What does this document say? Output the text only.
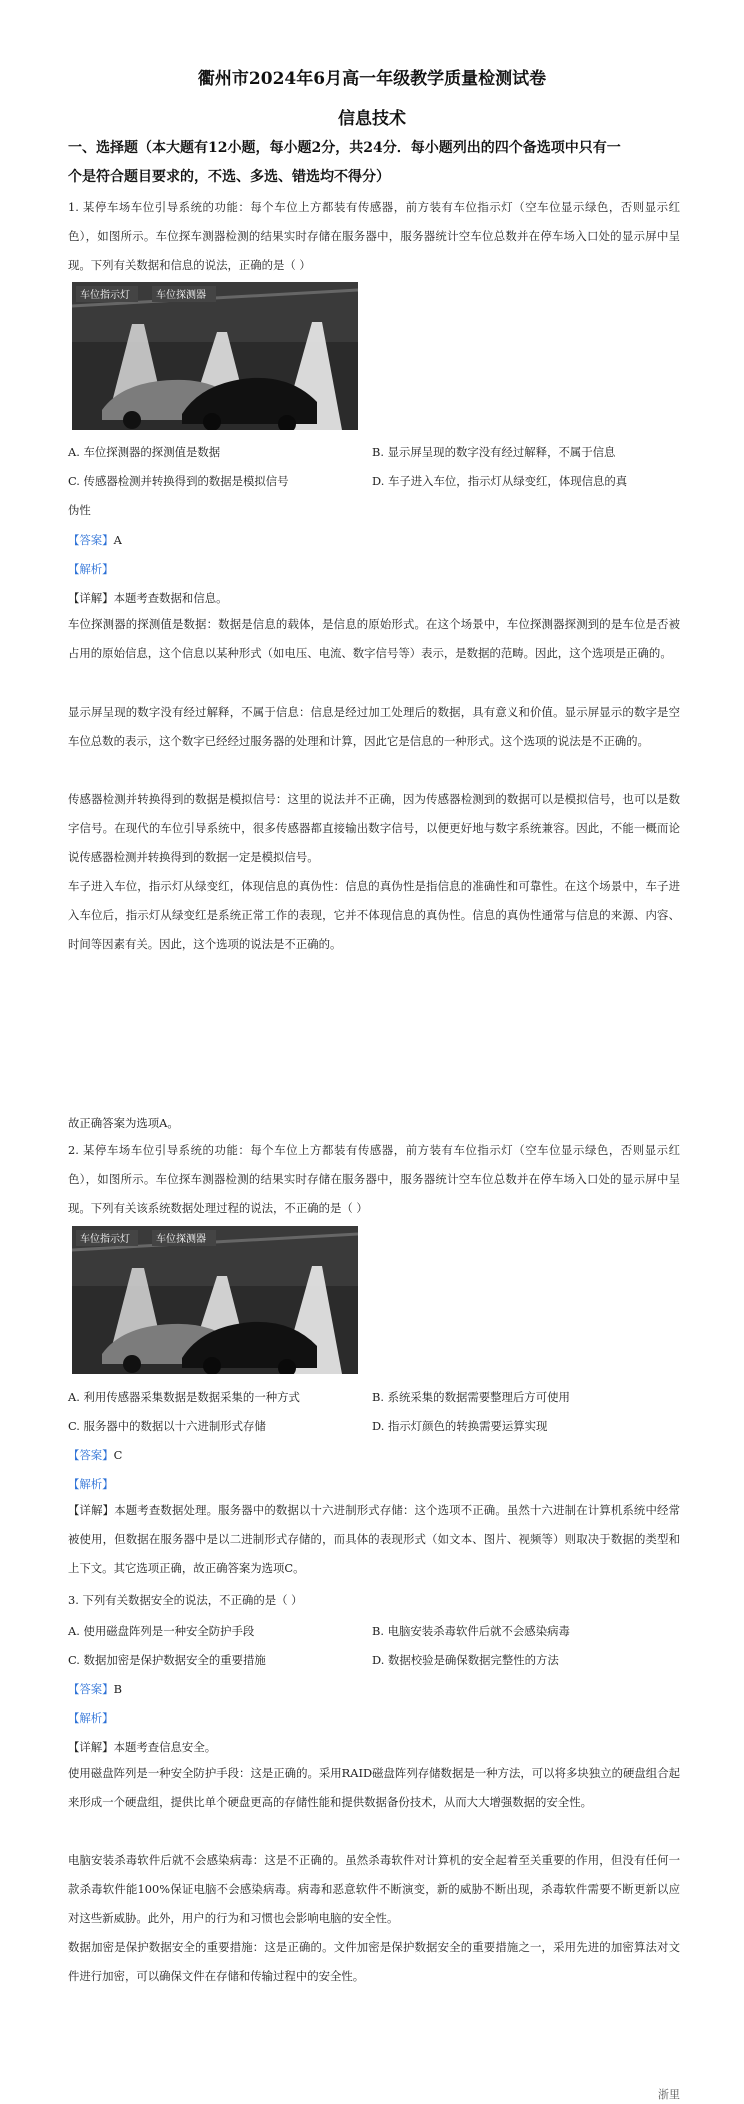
衢州市2024年6月高一年级教学质量检测试卷
信息技术
一、选择题（本大题有12小题，每小题2分，共24分．每小题列出的四个备选项中只有一
个是符合题目要求的，不选、多选、错选均不得分）
1. 某停车场车位引导系统的功能：每个车位上方都装有传感器，前方装有车位指示灯（空车位显示绿色，否则显示红色），如图所示。车位探车测器检测的结果实时存储在服务器中，服务器统计空车位总数并在停车场入口处的显示屏中呈现。下列有关数据和信息的说法，正确的是（ ）
车位指示灯	车位探测器
A. 车位探测器的探测值是数据	B. 显示屏呈现的数字没有经过解释，不属于信息
C. 传感器检测并转换得到的数据是模拟信号	D. 车子进入车位，指示灯从绿变红，体现信息的真
伪性
【答案】A
【解析】
【详解】本题考查数据和信息。
车位探测器的探测值是数据：数据是信息的载体，是信息的原始形式。在这个场景中，车位探测器探测到的是车位是否被占用的原始信息，这个信息以某种形式（如电压、电流、数字信号等）表示，是数据的范畴。因此，这个选项是正确的。
显示屏呈现的数字没有经过解释，不属于信息：信息是经过加工处理后的数据，具有意义和价值。显示屏显示的数字是空车位总数的表示，这个数字已经经过服务器的处理和计算，因此它是信息的一种形式。这个选项的说法是不正确的。
传感器检测并转换得到的数据是模拟信号：这里的说法并不正确，因为传感器检测到的数据可以是模拟信号，也可以是数字信号。在现代的车位引导系统中，很多传感器都直接输出数字信号，以便更好地与数字系统兼容。因此，不能一概而论说传感器检测并转换得到的数据一定是模拟信号。
车子进入车位，指示灯从绿变红，体现信息的真伪性：信息的真伪性是指信息的准确性和可靠性。在这个场景中，车子进入车位后，指示灯从绿变红是系统正常工作的表现，它并不体现信息的真伪性。信息的真伪性通常与信息的来源、内容、时间等因素有关。因此，这个选项的说法是不正确的。
故正确答案为选项A。
2. 某停车场车位引导系统的功能：每个车位上方都装有传感器，前方装有车位指示灯（空车位显示绿色，否则显示红色），如图所示。车位探车测器检测的结果实时存储在服务器中，服务器统计空车位总数并在停车场入口处的显示屏中呈现。下列有关该系统数据处理过程的说法，不正确的是（ ）
车位指示灯	车位探测器
A. 利用传感器采集数据是数据采集的一种方式	B. 系统采集的数据需要整理后方可使用
C. 服务器中的数据以十六进制形式存储	D. 指示灯颜色的转换需要运算实现
【答案】C
【解析】
【详解】本题考查数据处理。服务器中的数据以十六进制形式存储：这个选项不正确。虽然十六进制在计算机系统中经常被使用，但数据在服务器中是以二进制形式存储的，而具体的表现形式（如文本、图片、视频等）则取决于数据的类型和上下文。其它选项正确，故正确答案为选项C。
3. 下列有关数据安全的说法，不正确的是（ ）
A. 使用磁盘阵列是一种安全防护手段	B. 电脑安装杀毒软件后就不会感染病毒
C. 数据加密是保护数据安全的重要措施	D. 数据校验是确保数据完整性的方法
【答案】B
【解析】
【详解】本题考查信息安全。
使用磁盘阵列是一种安全防护手段：这是正确的。采用RAID磁盘阵列存储数据是一种方法，可以将多块独立的硬盘组合起来形成一个硬盘组，提供比单个硬盘更高的存储性能和提供数据备份技术，从而大大增强数据的安全性。
电脑安装杀毒软件后就不会感染病毒：这是不正确的。虽然杀毒软件对计算机的安全起着至关重要的作用，但没有任何一款杀毒软件能100%保证电脑不会感染病毒。病毒和恶意软件不断演变，新的威胁不断出现，杀毒软件需要不断更新以应对这些新威胁。此外，用户的行为和习惯也会影响电脑的安全性。
数据加密是保护数据安全的重要措施：这是正确的。文件加密是保护数据安全的重要措施之一，采用先进的加密算法对文件进行加密，可以确保文件在存储和传输过程中的安全性。
浙里
